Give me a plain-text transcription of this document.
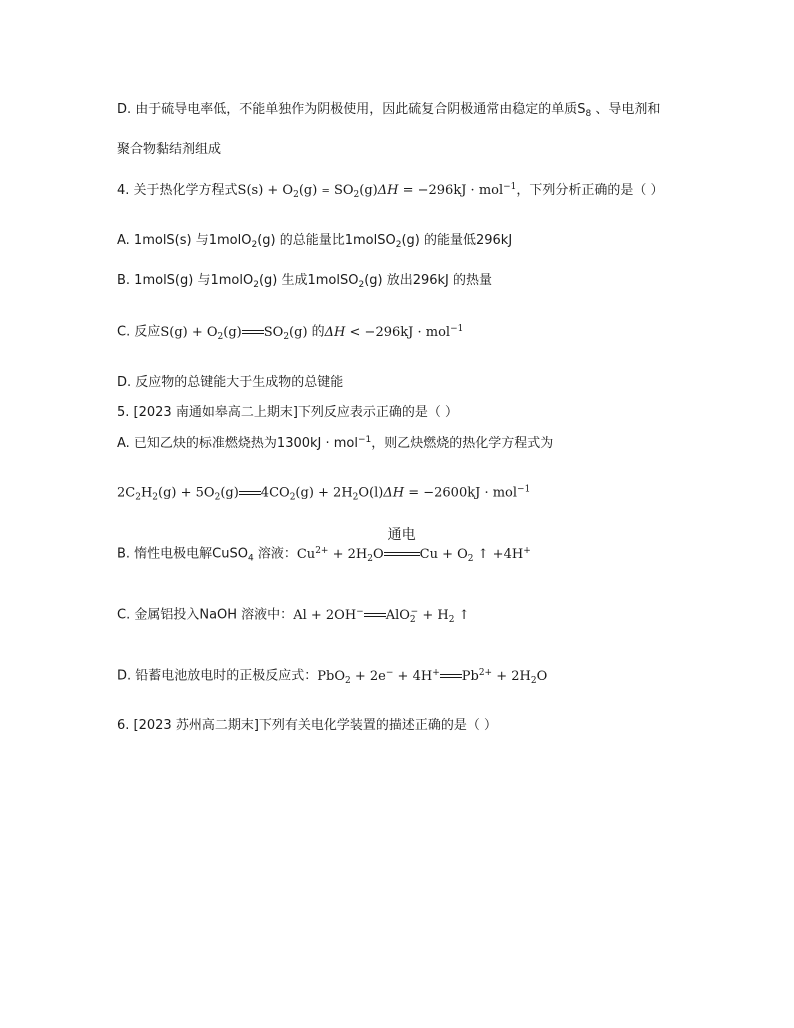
D. 由于硫导电率低，不能单独作为阴极使用，因此硫复合阴极通常由稳定的单质$S_8$ 、导电剂和
聚合物黏结剂组成
4. 关于热化学方程式$S(s) + O_2(g) = SO_2(g)\Delta H = -296kJ \cdot mol^{-1}$，下列分析正确的是（ ）
A. 1molS(s) 与1molO$_2$(g) 的总能量比1molSO$_2$(g) 的能量低296kJ
B. 1molS(g) 与1molO$_2$(g) 生成1molSO$_2$(g) 放出296kJ 的热量
C. 反应$S(g) + O_2(g)$ $SO_2(g)$ 的ΔH < −296kJ · mol$^{-1}$
D. 反应物的总键能大于生成物的总键能
5. [2023 南通如皋高二上期末]下列反应表示正确的是（ ）
A. 已知乙炔的标准燃烧热为1300kJ · mol$^{-1}$，则乙炔燃烧的热化学方程式为
$2C_2H_2(g) + 5O_2(g) 4CO_2(g) + 2H_2O(l)\Delta H = -2600kJ \cdot mol^{-1}$
B. 惰性电极电解CuSO$_4$ 溶液：$Cu^{2+} + 2H_2O$
通电
$Cu + O_2$ ↑ +4H+
C. 金属铝投入NaOH 溶液中：Al + 2OH− $AlO_2^- + H_2$ ↑
D. 铅蓄电池放电时的正极反应式：PbO$_2$ + 2e− + 4H+ $Pb^{2+} + 2H_2O$
6. [2023 苏州高二期末]下列有关电化学装置的描述正确的是（ ）
